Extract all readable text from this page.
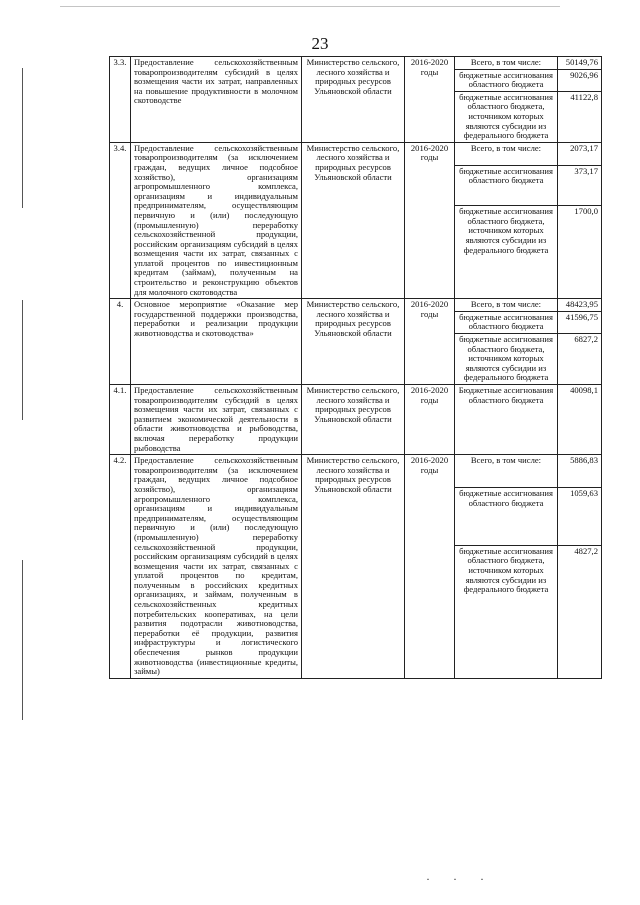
23
3.3.	Предоставление сельскохозяйственным товаропроизводителям субсидий в целях возмещения части их затрат, направленных на повышение продуктивности в молочном скотоводстве	Министерство сельского, лесного хозяйства и природных ресурсов Ульяновской области	2016-2020 годы	Всего, в том числе:	50149,76
				бюджетные ассигнования областного бюджета	9026,96
				бюджетные ассигнования областного бюджета, источником которых являются субсидии из федерального бюджета	41122,8
3.4.	Предоставление сельскохозяйственным товаропроизводителям (за исключением граждан, ведущих личное подсобное хозяйство), организациям агропромышленного комплекса, организациям и индивидуальным предпринимателям, осуществляющим первичную и (или) последующую (промышленную) переработку сельскохозяйственной продукции, российским организациям субсидий в целях возмещения части их затрат, связанных с уплатой процентов по инвестиционным кредитам (займам), полученным на строительство и реконструкцию объектов для молочного скотоводства	Министерство сельского, лесного хозяйства и природных ресурсов Ульяновской области	2016-2020 годы	Всего, в том числе:	2073,17
				бюджетные ассигнования областного бюджета	373,17
				бюджетные ассигнования областного бюджета, источником которых являются субсидии из федерального бюджета	1700,0
4.	Основное мероприятие «Оказание мер государственной поддержки производства, переработки и реализации продукции животноводства и скотоводства»	Министерство сельского, лесного хозяйства и природных ресурсов Ульяновской области	2016-2020 годы	Всего, в том числе:	48423,95
				бюджетные ассигнования областного бюджета	41596,75
				бюджетные ассигнования областного бюджета, источником которых являются субсидии из федерального бюджета	6827,2
4.1.	Предоставление сельскохозяйственным товаропроизводителям субсидий в целях возмещения части их затрат, связанных с развитием экономической деятельности в области животноводства и рыбоводства, включая переработку продукции рыбоводства	Министерство сельского, лесного хозяйства и природных ресурсов Ульяновской области	2016-2020 годы	Бюджетные ассигнования областного бюджета	40098,1
4.2.	Предоставление сельскохозяйственным товаропроизводителям (за исключением граждан, ведущих личное подсобное хозяйство), организациям агропромышленного комплекса, организациям и индивидуальным предпринимателям, осуществляющим первичную и (или) последующую (промышленную) переработку сельскохозяйственной продукции, российским организациям субсидий в целях возмещения части их затрат, связанных с уплатой процентов по кредитам, полученным в российских кредитных организациях, и займам, полученным в сельскохозяйственных кредитных потребительских кооперативах, на цели развития подотрасли животноводства, переработки её продукции, развития инфраструктуры и логистического обеспечения рынков продукции животноводства (инвестиционные кредиты, займы)	Министерство сельского, лесного хозяйства и природных ресурсов Ульяновской области	2016-2020 годы	Всего, в том числе:	5886,83
				бюджетные ассигнования областного бюджета	1059,63
				бюджетные ассигнования областного бюджета, источником которых являются субсидии из федерального бюджета	4827,2
· · ·
